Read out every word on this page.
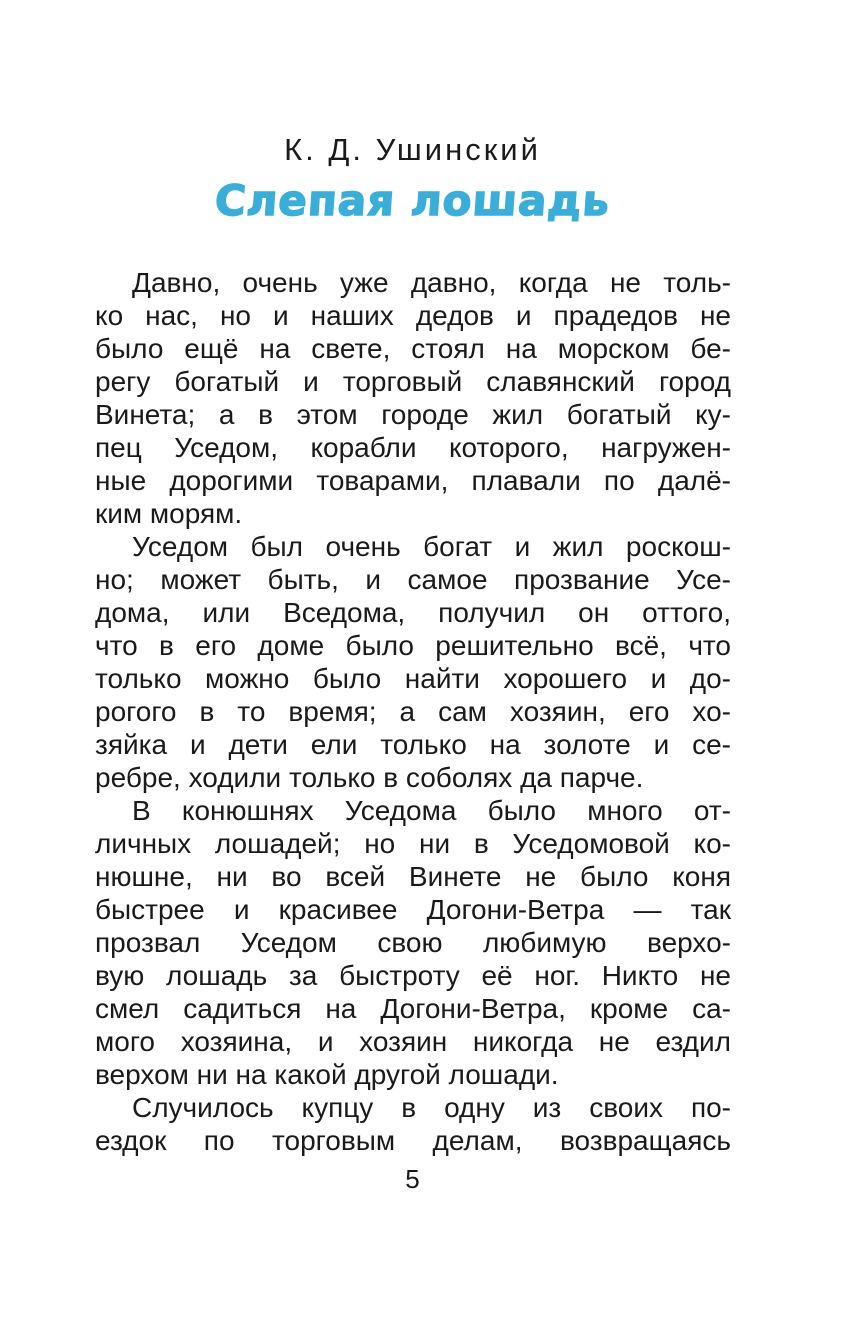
К. Д. Ушинский
Слепая лошадь
Давно, очень уже давно, когда не толь-
ко нас, но и наших дедов и прадедов не
было ещё на свете, стоял на морском бе-
регу богатый и торговый славянский город
Винета; а в этом городе жил богатый ку-
пец Уседом, корабли которого, нагружен-
ные дорогими товарами, плавали по далё-
ким морям.
Уседом был очень богат и жил роскош-
но; может быть, и самое прозвание Усе-
дома, или Вседома, получил он оттого,
что в его доме было решительно всё, что
только можно было найти хорошего и до-
рогого в то время; а сам хозяин, его хо-
зяйка и дети ели только на золоте и се-
ребре, ходили только в соболях да парче.
В конюшнях Уседома было много от-
личных лошадей; но ни в Уседомовой ко-
нюшне, ни во всей Винете не было коня
быстрее и красивее Догони-Ветра — так
прозвал Уседом свою любимую верхо-
вую лошадь за быстроту её ног. Никто не
смел садиться на Догони-Ветра, кроме са-
мого хозяина, и хозяин никогда не ездил
верхом ни на какой другой лошади.
Случилось купцу в одну из своих по-
ездок по торговым делам, возвращаясь
5
